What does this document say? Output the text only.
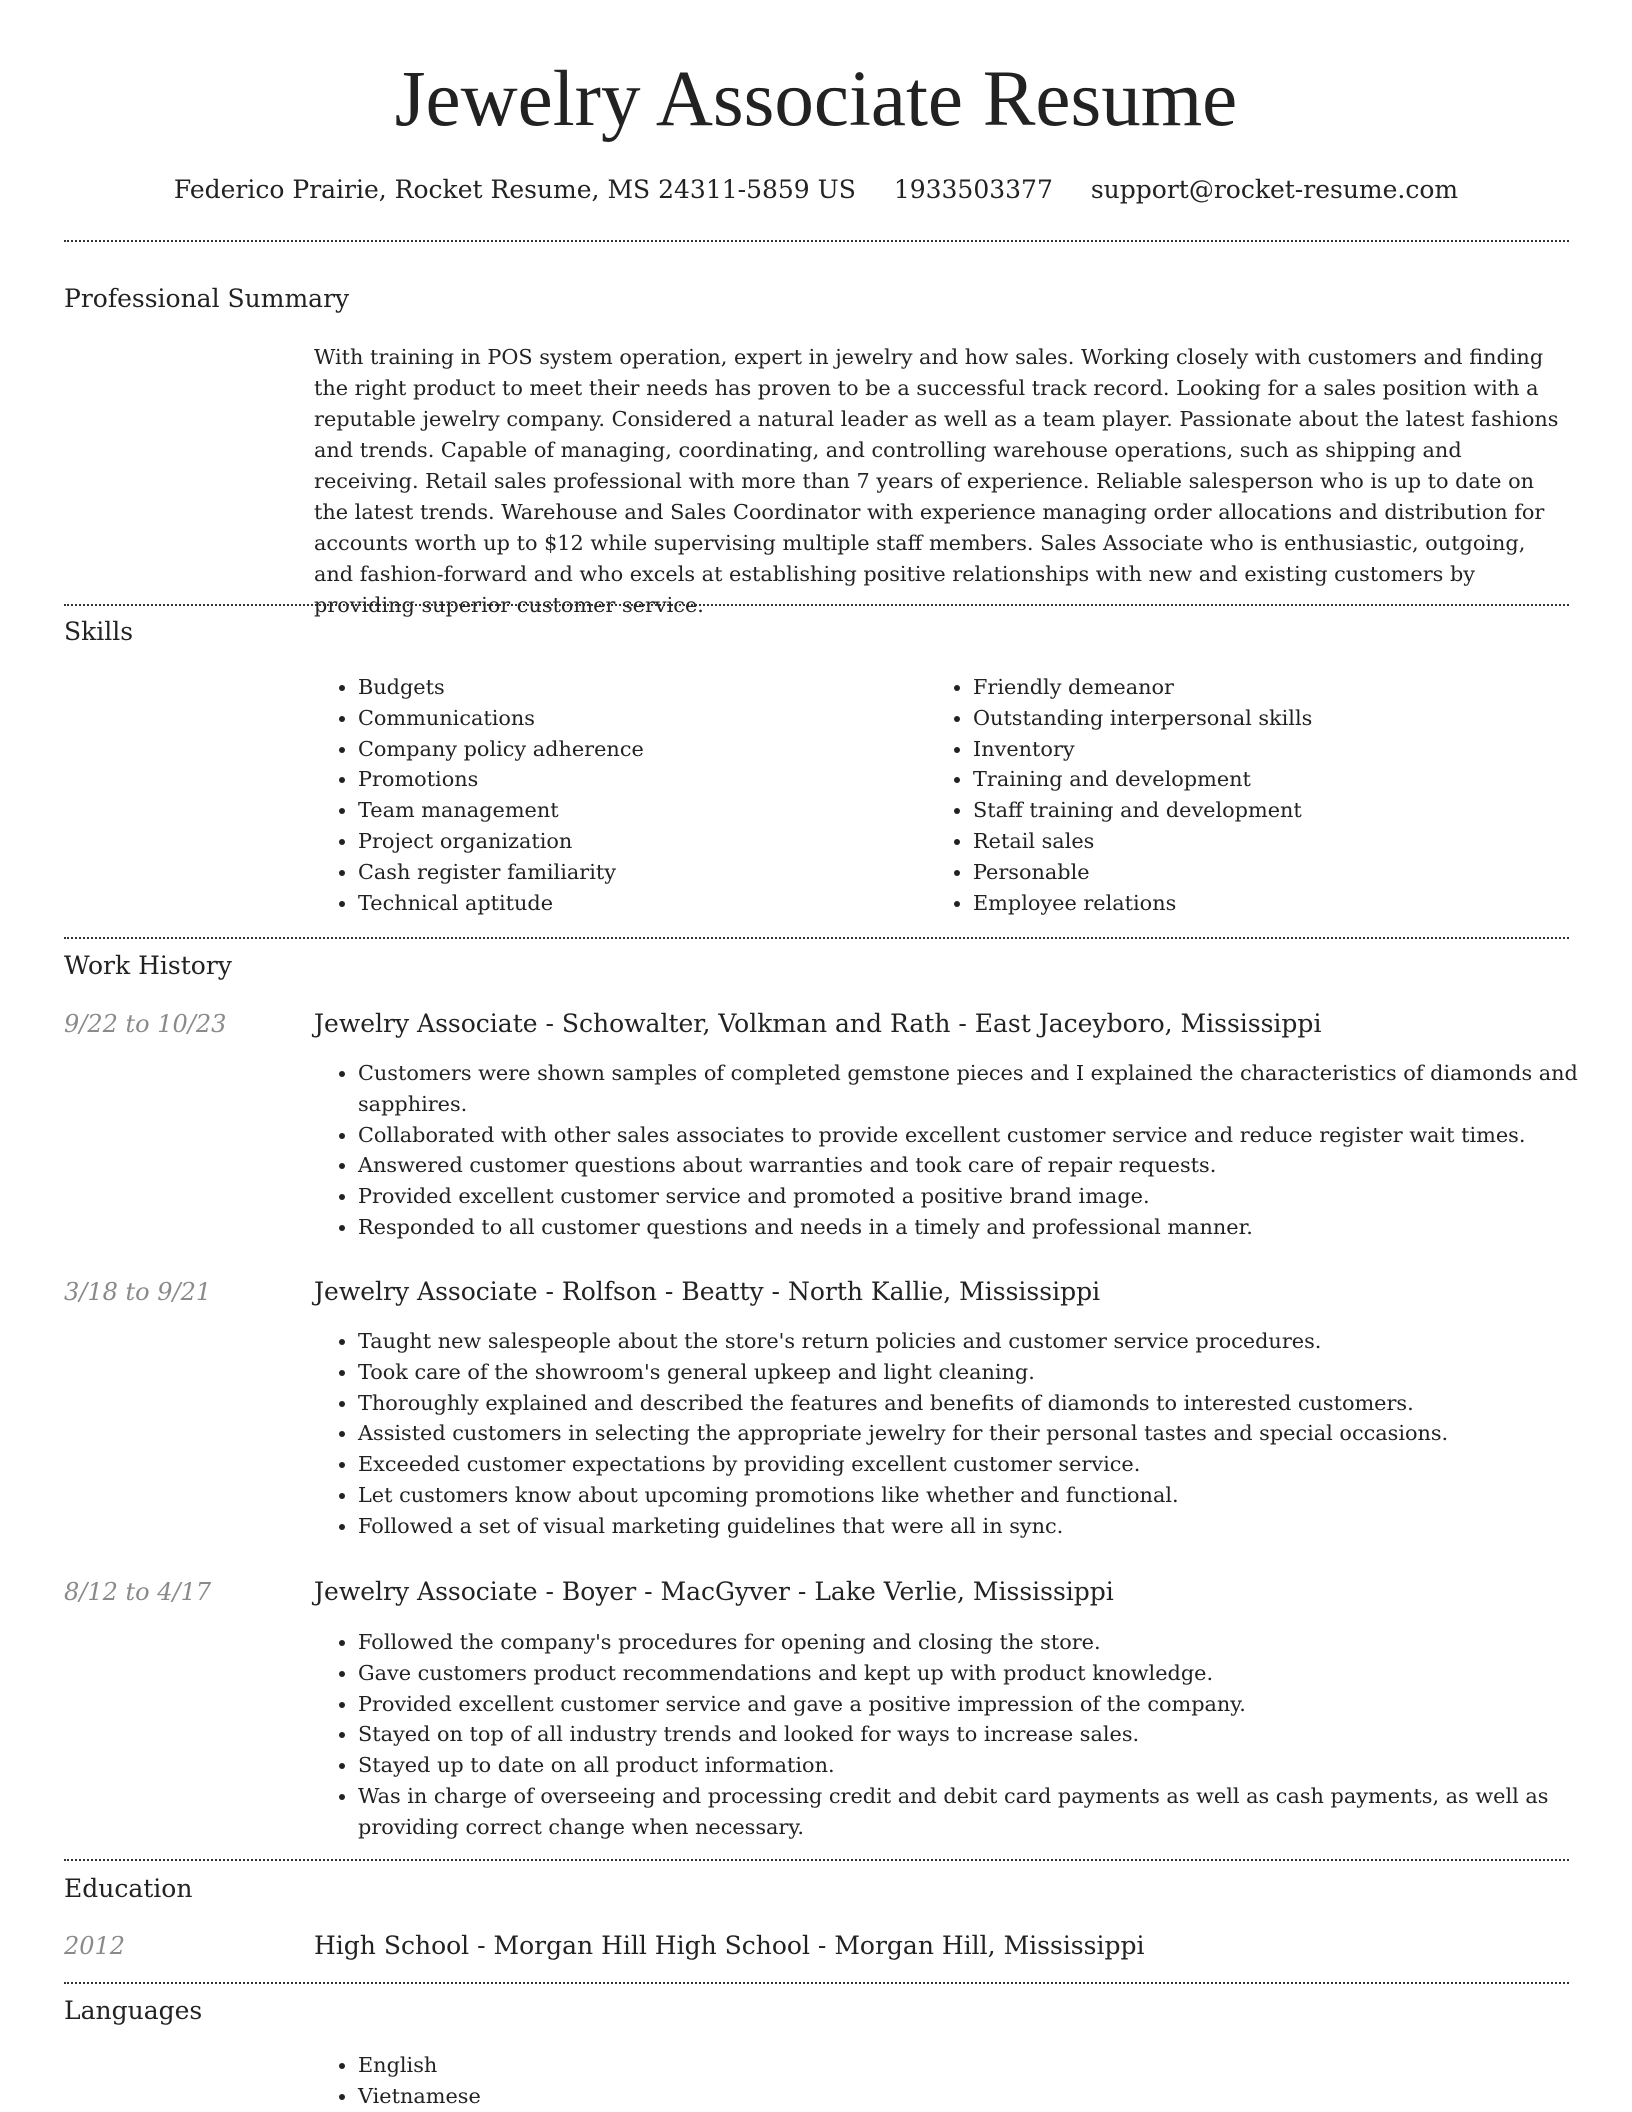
Jewelry Associate Resume
Federico Prairie, Rocket Resume, MS 24311-5859 US 1933503377 support@rocket-resume.com
Professional Summary

With training in POS system operation, expert in jewelry and how sales. Working closely with customers and finding the right product to meet their needs has proven to be a successful track record. Looking for a sales position with a reputable jewelry company. Considered a natural leader as well as a team player. Passionate about the latest fashions and trends. Capable of managing, coordinating, and controlling warehouse operations, such as shipping and receiving. Retail sales professional with more than 7 years of experience. Reliable salesperson who is up to date on the latest trends. Warehouse and Sales Coordinator with experience managing order allocations and distribution for accounts worth up to $12 while supervising multiple staff members. Sales Associate who is enthusiastic, outgoing, and fashion-forward and who excels at establishing positive relationships with new and existing customers by providing superior customer service.

Skills
• Budgets
• Communications
• Company policy adherence
• Promotions
• Team management
• Project organization
• Cash register familiarity
• Technical aptitude
• Friendly demeanor
• Outstanding interpersonal skills
• Inventory
• Training and development
• Staff training and development
• Retail sales
• Personable
• Employee relations
Work History
9/22 to 10/23	Jewelry Associate - Schowalter, Volkman and Rath - East Jaceyboro, Mississippi
• Customers were shown samples of completed gemstone pieces and I explained the characteristics of diamonds and sapphires.
• Collaborated with other sales associates to provide excellent customer service and reduce register wait times.
• Answered customer questions about warranties and took care of repair requests.
• Provided excellent customer service and promoted a positive brand image.
• Responded to all customer questions and needs in a timely and professional manner.
3/18 to 9/21	Jewelry Associate - Rolfson - Beatty - North Kallie, Mississippi
• Taught new salespeople about the store's return policies and customer service procedures.
• Took care of the showroom's general upkeep and light cleaning.
• Thoroughly explained and described the features and benefits of diamonds to interested customers.
• Assisted customers in selecting the appropriate jewelry for their personal tastes and special occasions.
• Exceeded customer expectations by providing excellent customer service.
• Let customers know about upcoming promotions like whether and functional.
• Followed a set of visual marketing guidelines that were all in sync.
8/12 to 4/17	Jewelry Associate - Boyer - MacGyver - Lake Verlie, Mississippi
• Followed the company's procedures for opening and closing the store.
• Gave customers product recommendations and kept up with product knowledge.
• Provided excellent customer service and gave a positive impression of the company.
• Stayed on top of all industry trends and looked for ways to increase sales.
• Stayed up to date on all product information.
• Was in charge of overseeing and processing credit and debit card payments as well as cash payments, as well as providing correct change when necessary.
Education
2012	High School - Morgan Hill High School - Morgan Hill, Mississippi
Languages
• English
• Vietnamese
